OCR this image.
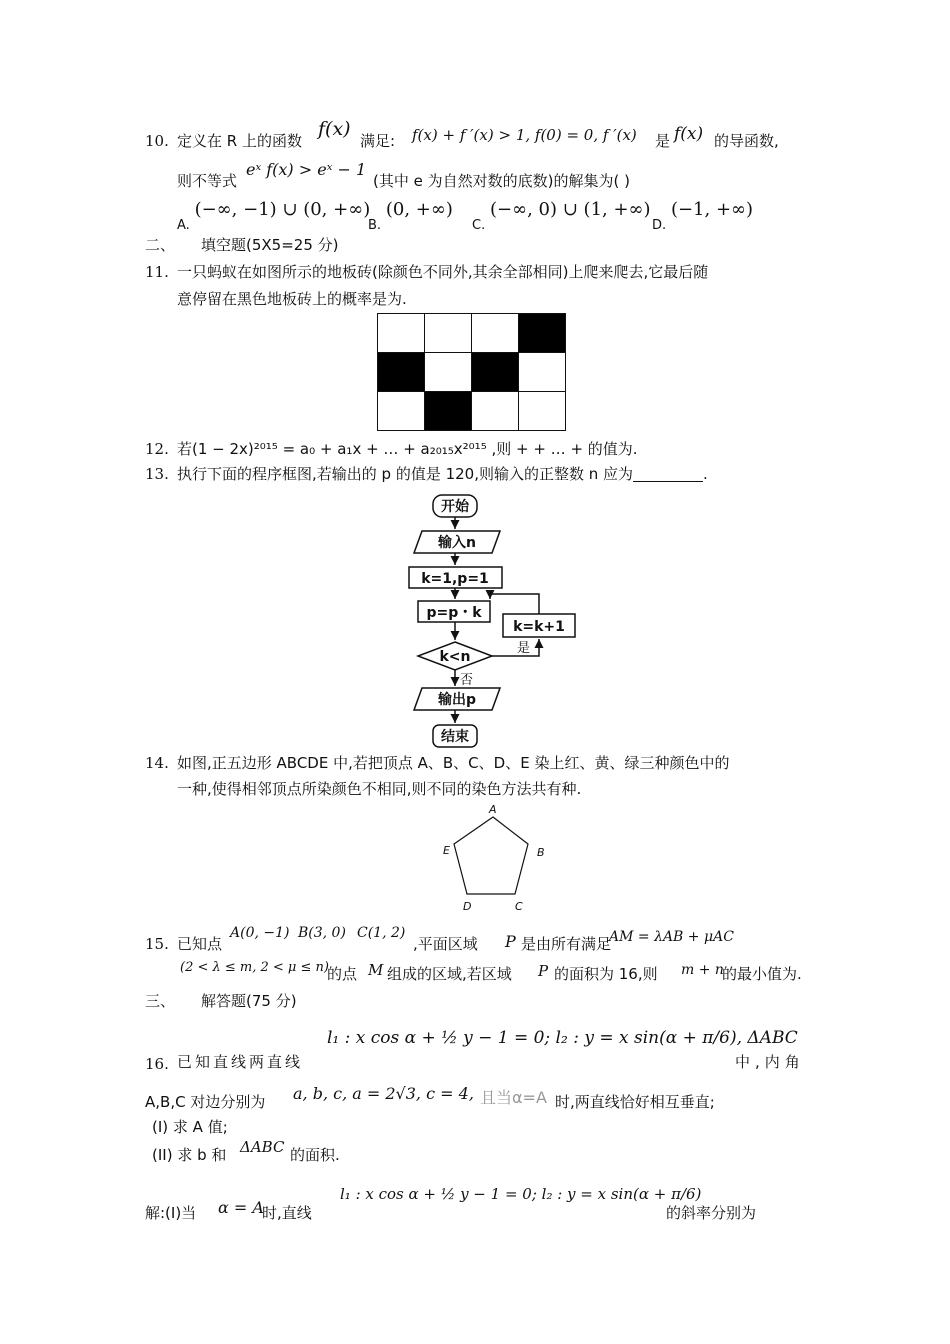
10. 定义在 R 上的函数
f(x)
满足: f(x) + f ′(x) > 1, f(0) = 0, f ′(x) 是 f(x) 的导函数,
则不等式
eˣ f(x) > eˣ − 1
(其中 e 为自然对数的底数)的解集为( )
A. (−∞, −1) ∪ (0, +∞)
B. (0, +∞)
C. (−∞, 0) ∪ (1, +∞)
D. (−1, +∞)
二、 填空题(5X5=25 分)
11. 一只蚂蚁在如图所示的地板砖(除颜色不同外,其余全部相同)上爬来爬去,它最后随
意停留在黑色地板砖上的概率是为.

12. 若(1 − 2x)²⁰¹⁵ = a₀ + a₁x + … + a₂₀₁₅x²⁰¹⁵ ,则 + + … + 的值为.
13. 执行下面的程序框图,若输出的 p 的值是 120,则输入的正整数 n 应为	.
开始
输入n
k=1,p=1
p=p・k
k=k+1
k<n
输出p
结束
是
否
14. 如图,正五边形 ABCDE 中,若把顶点 A、B、C、D、E 染上红、黄、绿三种颜色中的
一种,使得相邻顶点所染颜色不相同,则不同的染色方法共有种.
A
B
C
D
E
15. 已知点
A(0, −1) B(3, 0) C(1, 2)
,平面区域 P 是由所有满足
AM = λAB + μAC
(2 < λ ≤ m, 2 < μ ≤ n)
的点 M 组成的区域,若区域 P 的面积为 16,则 m + n
的最小值为.
三、 解答题(75 分)
l₁ : x cos α + ½ y − 1 = 0; l₂ : y = x sin(α + π/6), ΔABC
16. 已知直线两直线	中,内角
A,B,C 对边分别为 a, b, c, a = 2√3, c = 4, 且当α=A 时,两直线恰好相互垂直;
(I) 求 A 值;
(II) 求 b 和 ΔABC 的面积.
解:(I)当 α = A
时,直线
l₁ : x cos α + ½ y − 1 = 0; l₂ : y = x sin(α + π/6)
的斜率分别为
